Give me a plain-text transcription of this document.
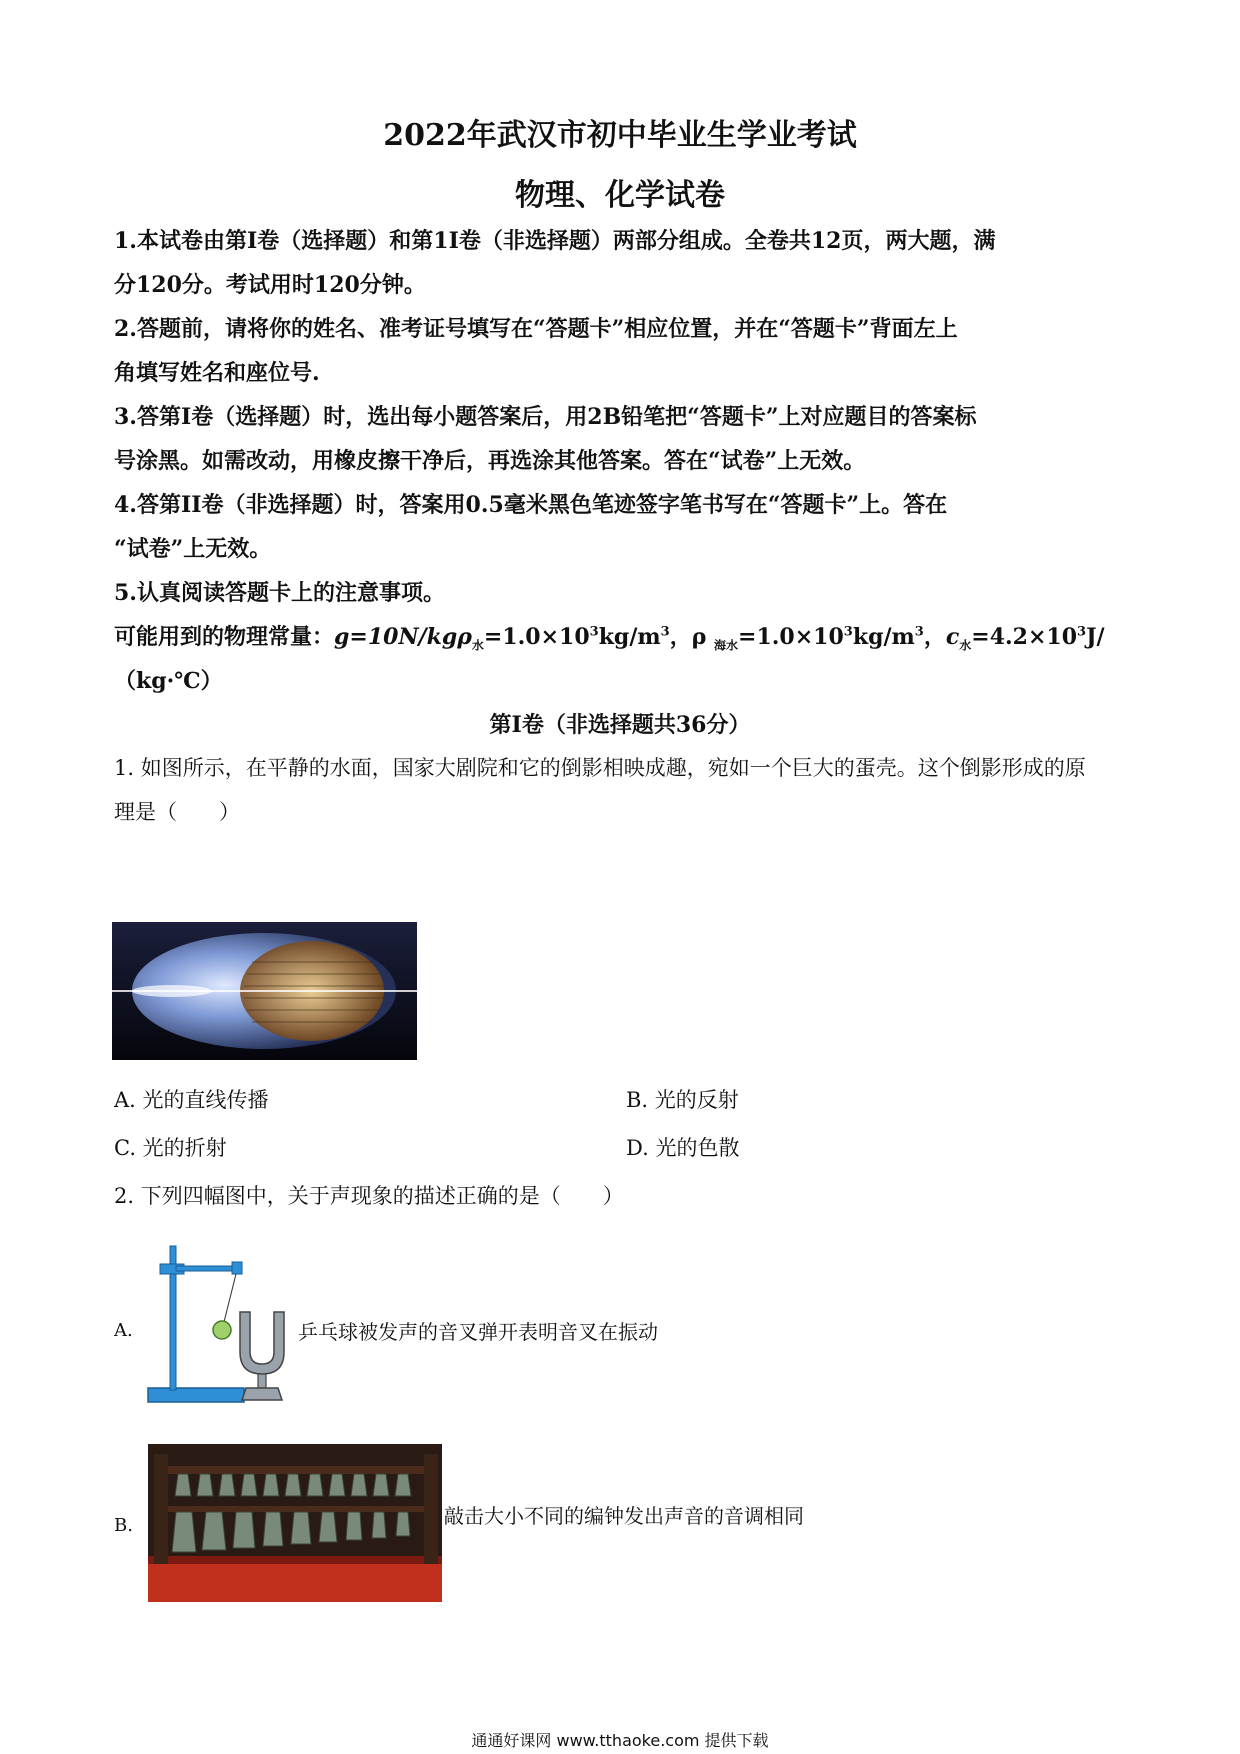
2022年武汉市初中毕业生学业考试
物理、化学试卷
1.本试卷由第Ⅰ卷（选择题）和第1I卷（非选择题）两部分组成。全卷共12页，两大题，满
分120分。考试用时120分钟。
2.答题前，请将你的姓名、准考证号填写在“答题卡”相应位置，并在“答题卡”背面左上
角填写姓名和座位号.
3.答第Ⅰ卷（选择题）时，选出每小题答案后，用2B铅笔把“答题卡”上对应题目的答案标
号涂黑。如需改动，用橡皮擦干净后，再选涂其他答案。答在“试卷”上无效。
4.答第II卷（非选择题）时，答案用0.5毫米黑色笔迹签字笔书写在“答题卡”上。答在
“试卷”上无效。
5.认真阅读答题卡上的注意事项。
可能用到的物理常量：$g=10N/kg\rho_水=1.0\times 10^3kg/m^3$，ρ $_{海水}=1.0\times 10^3kg/m^3$，$c_水=4.2\times 10^3J/$
（kg·℃）
第Ⅰ卷（非选择题共36分）
1. 如图所示，在平静的水面，国家大剧院和它的倒影相映成趣，宛如一个巨大的蛋壳。这个倒影形成的原
理是（　　）
A. 光的直线传播	B. 光的反射
C. 光的折射	D. 光的色散
2. 下列四幅图中，关于声现象的描述正确的是（　　）
A.	乒乓球被发声的音叉弹开表明音叉在振动
B.	敲击大小不同的编钟发出声音的音调相同
通通好课网 www.tthaoke.com 提供下载
